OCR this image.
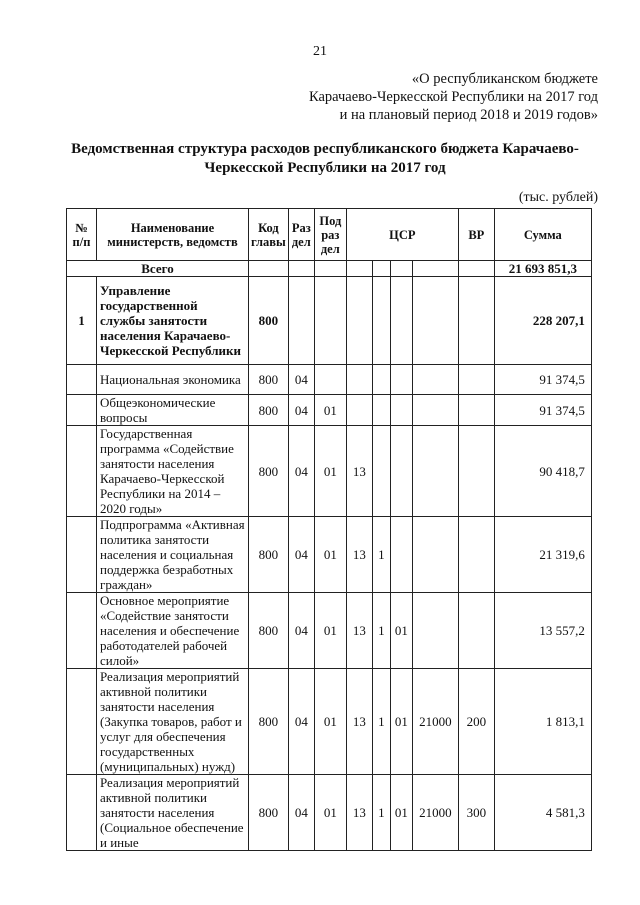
21
«О республиканском бюджете
Карачаево-Черкесской Республики на 2017 год
и на плановый период 2018 и 2019 годов»
Ведомственная структура расходов республиканского бюджета Карачаево-
Черкесской Республики на 2017 год
(тыс. рублей)
№ п/п	Наименование министерств, ведомств	Код главы	Раз дел	Под раз дел	ЦСР				ВР	Сумма
Всего										21 693 851,3
1	Управление государственной службы занятости населения Карачаево-Черкесской Республики	800								228 207,1
	Национальная экономика	800	04							91 374,5
	Общеэкономические вопросы	800	04	01						91 374,5
	Государственная программа «Содействие занятости населения Карачаево-Черкесской Республики на 2014 – 2020 годы»	800	04	01	13					90 418,7
	Подпрограмма «Активная политика занятости населения и социальная поддержка безработных граждан»	800	04	01	13	1				21 319,6
	Основное мероприятие «Содействие занятости населения и обеспечение работодателей рабочей силой»	800	04	01	13	1	01			13 557,2
	Реализация мероприятий активной политики занятости населения (Закупка товаров, работ и услуг для обеспечения государственных (муниципальных) нужд)	800	04	01	13	1	01	21000	200	1 813,1
	Реализация мероприятий активной политики занятости населения (Социальное обеспечение и иные	800	04	01	13	1	01	21000	300	4 581,3
